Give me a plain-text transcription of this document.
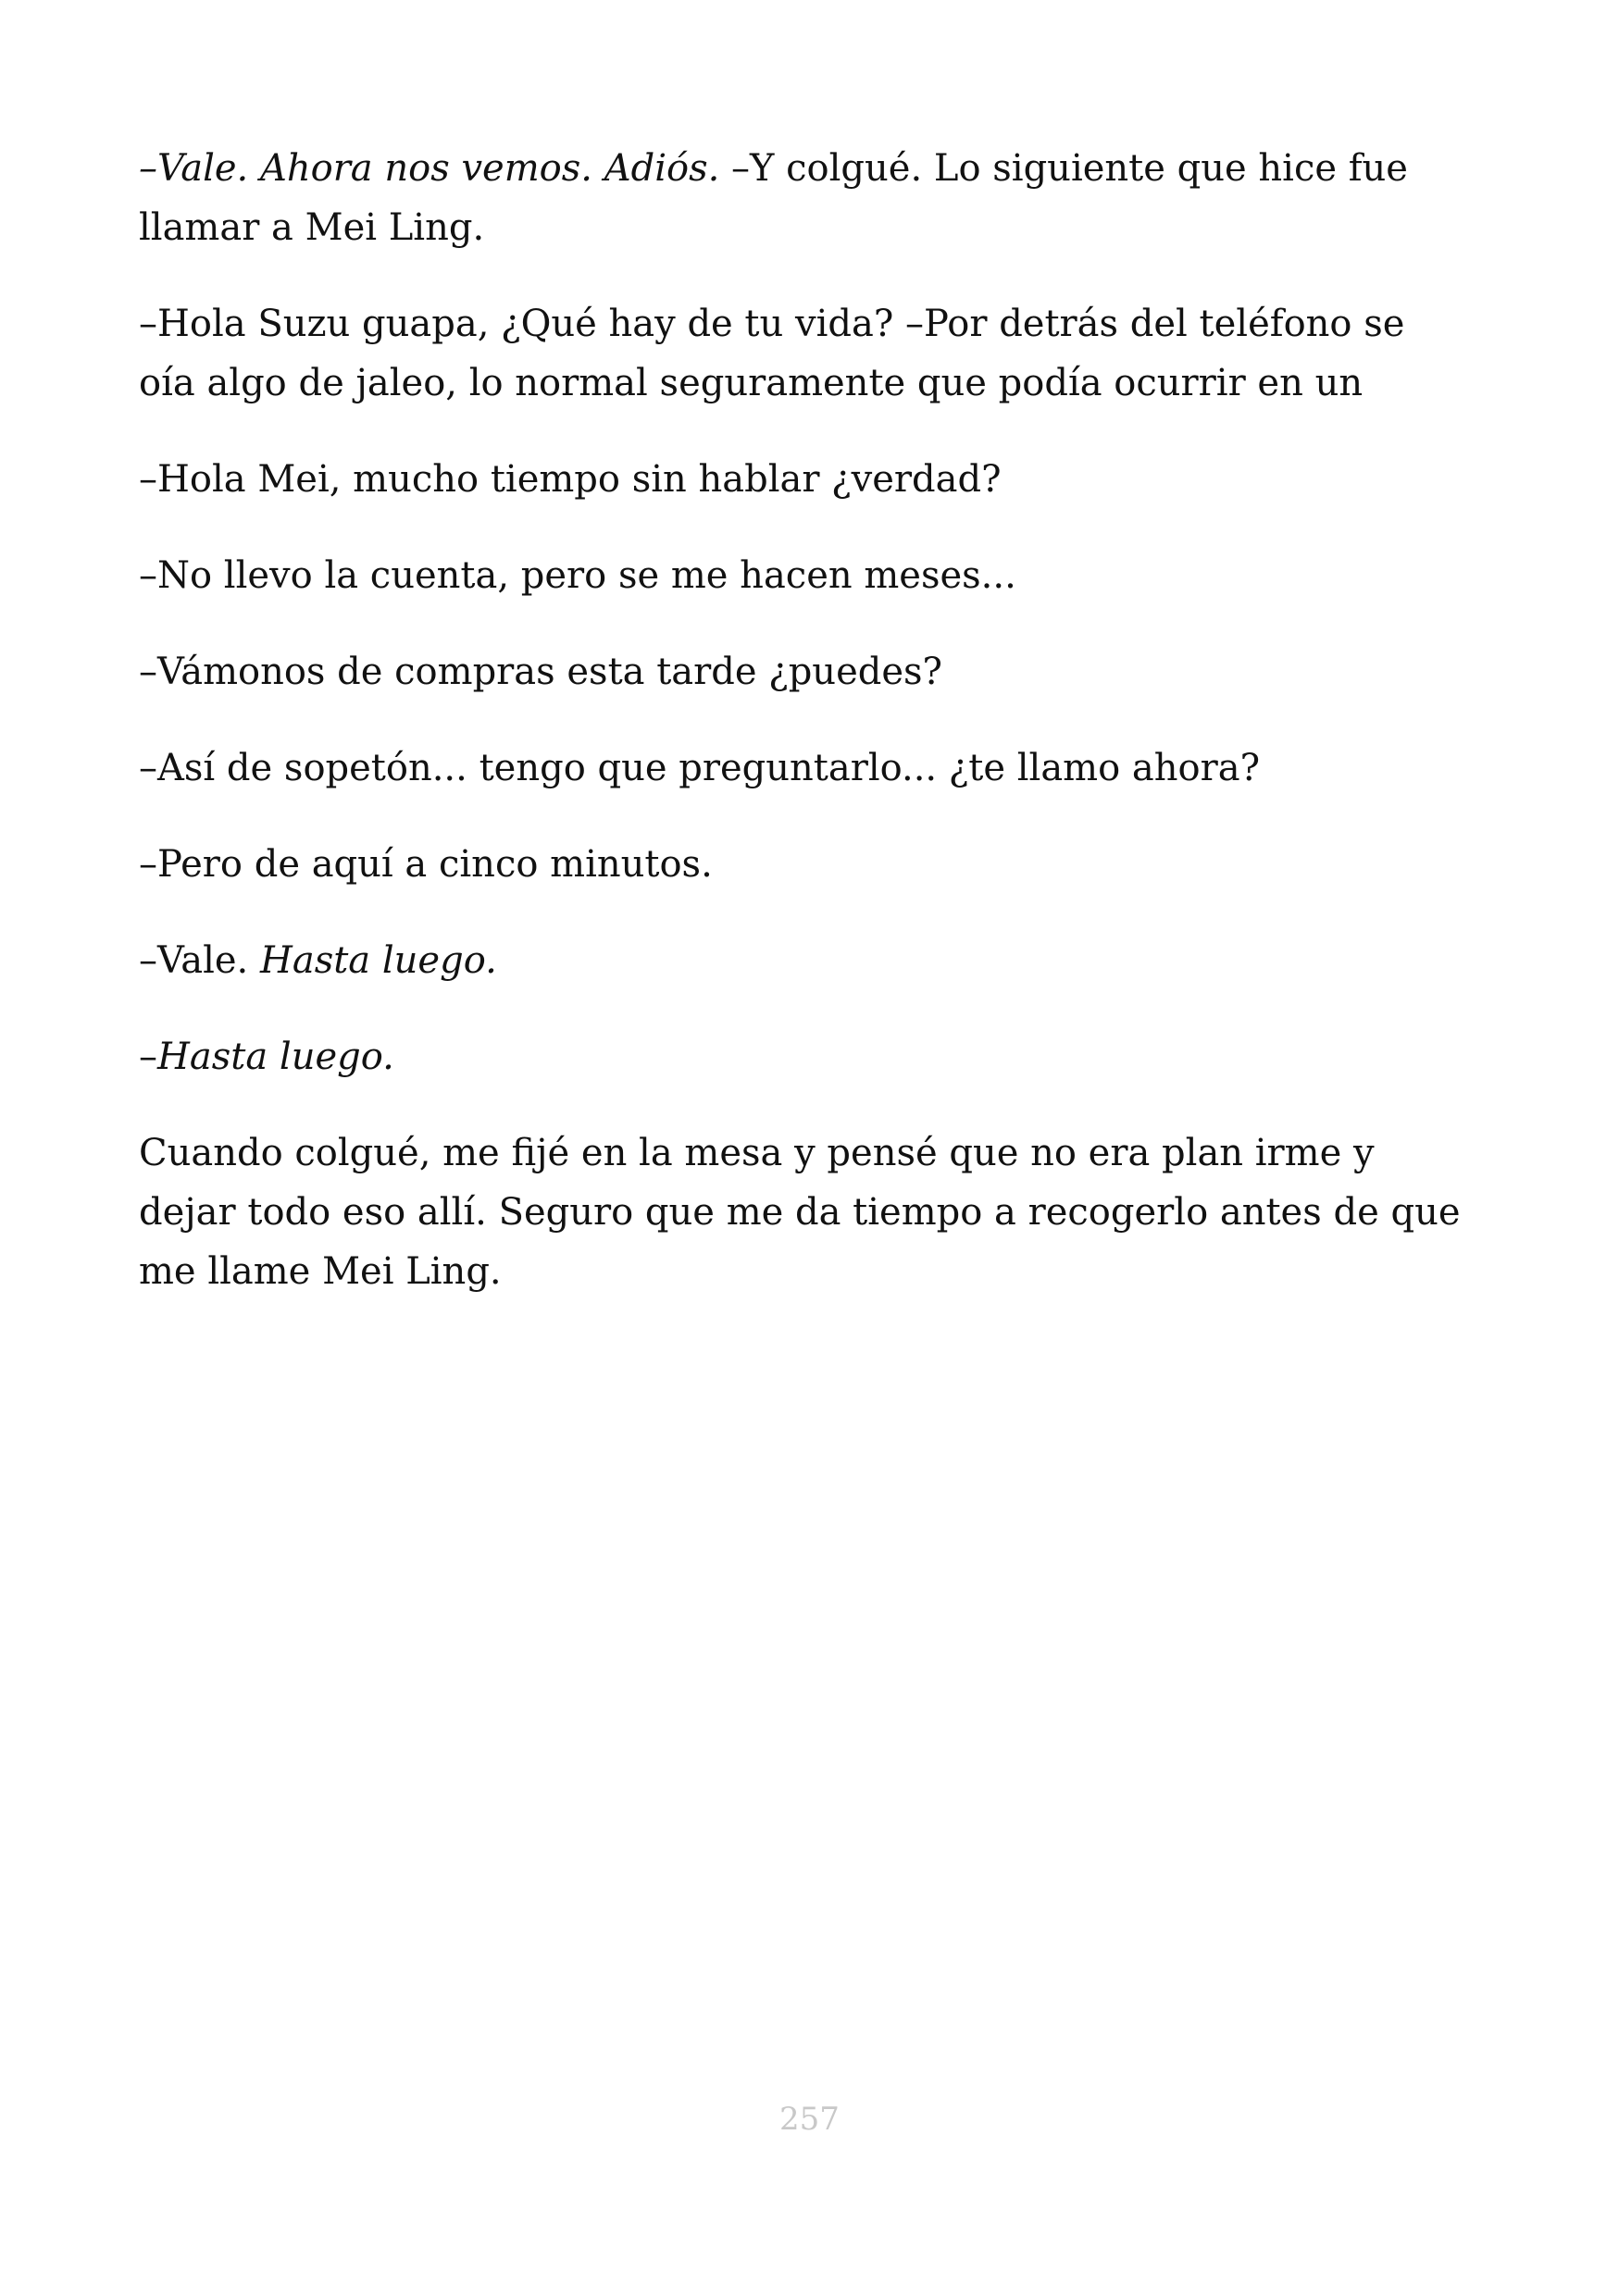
–Vale. Ahora nos vemos. Adiós. –Y colgué. Lo siguiente que hice fue llamar a Mei Ling.

–Hola Suzu guapa, ¿Qué hay de tu vida? –Por detrás del teléfono se oía algo de jaleo, lo normal seguramente que podía ocurrir en un

–Hola Mei, mucho tiempo sin hablar ¿verdad?

–No llevo la cuenta, pero se me hacen meses...

–Vámonos de compras esta tarde ¿puedes?

–Así de sopetón... tengo que preguntarlo... ¿te llamo ahora?

–Pero de aquí a cinco minutos.

–Vale. Hasta luego.

–Hasta luego.

Cuando colgué, me fijé en la mesa y pensé que no era plan irme y dejar todo eso allí. Seguro que me da tiempo a recogerlo antes de que me llame Mei Ling.

257
